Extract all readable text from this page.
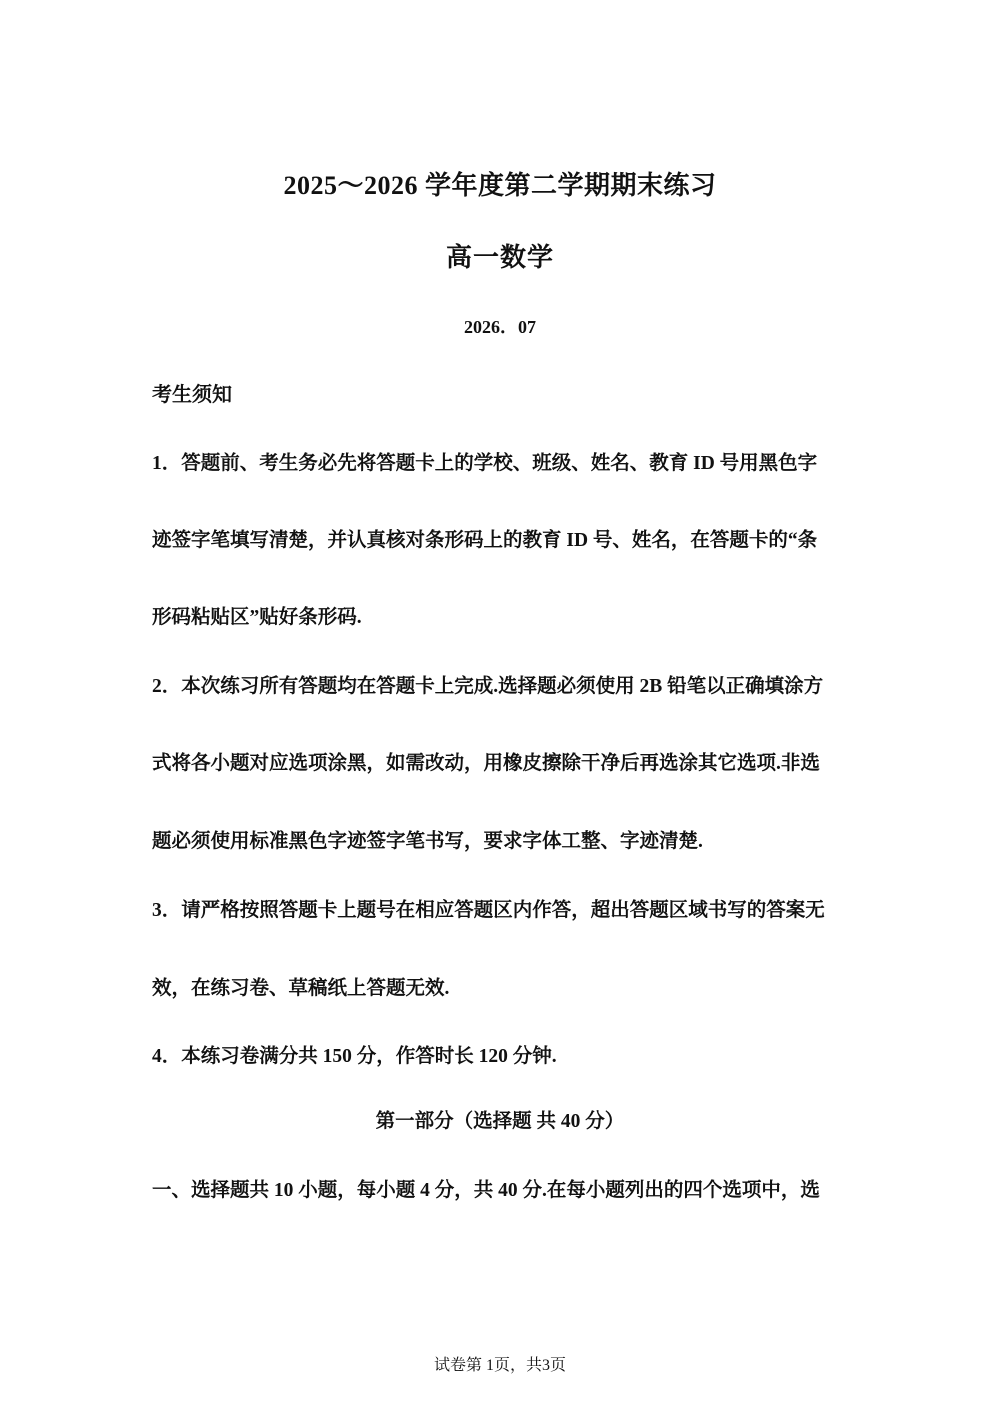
2025～2026 学年度第二学期期末练习
高一数学
2026．07
考生须知
1．答题前、考生务必先将答题卡上的学校、班级、姓名、教育 ID 号用黑色字
迹签字笔填写清楚，并认真核对条形码上的教育 ID 号、姓名，在答题卡的“条
形码粘贴区”贴好条形码.
2．本次练习所有答题均在答题卡上完成.选择题必须使用 2B 铅笔以正确填涂方
式将各小题对应选项涂黑，如需改动，用橡皮擦除干净后再选涂其它选项.非选
题必须使用标准黑色字迹签字笔书写，要求字体工整、字迹清楚.
3．请严格按照答题卡上题号在相应答题区内作答，超出答题区域书写的答案无
效，在练习卷、草稿纸上答题无效.
4．本练习卷满分共 150 分，作答时长 120 分钟.
第一部分（选择题 共 40 分）
一、选择题共 10 小题，每小题 4 分，共 40 分.在每小题列出的四个选项中，选
试卷第 1页，共3页
